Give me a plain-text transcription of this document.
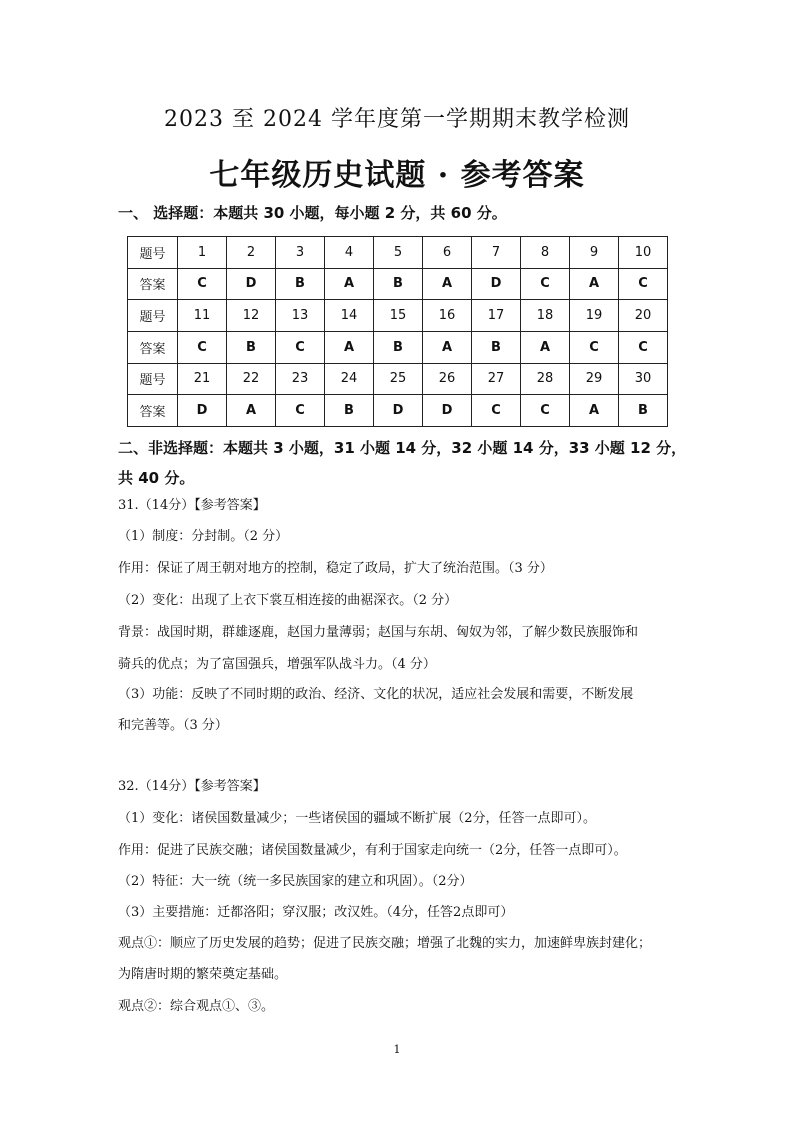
2023 至 2024 学年度第一学期期末教学检测
七年级历史试题 · 参考答案
一、 选择题：本题共 30 小题，每小题 2 分，共 60 分。
题号	1	2	3	4	5	6	7	8	9	10
答案	C	D	B	A	B	A	D	C	A	C
题号	11	12	13	14	15	16	17	18	19	20
答案	C	B	C	A	B	A	B	A	C	C
题号	21	22	23	24	25	26	27	28	29	30
答案	D	A	C	B	D	D	C	C	A	B
二、非选择题：本题共 3 小题，31 小题 14 分，32 小题 14 分，33 小题 12 分，
共 40 分。
31.（14分）【参考答案】
（1）制度：分封制。（2 分）
作用：保证了周王朝对地方的控制，稳定了政局，扩大了统治范围。（3 分）
（2）变化：出现了上衣下裳互相连接的曲裾深衣。（2 分）
背景：战国时期，群雄逐鹿，赵国力量薄弱；赵国与东胡、匈奴为邻，了解少数民族服饰和
骑兵的优点；为了富国强兵，增强军队战斗力。（4 分）
（3）功能：反映了不同时期的政治、经济、文化的状况，适应社会发展和需要，不断发展
和完善等。（3 分）
32.（14分）【参考答案】
（1）变化：诸侯国数量减少；一些诸侯国的疆域不断扩展（2分，任答一点即可）。
作用：促进了民族交融；诸侯国数量减少，有利于国家走向统一（2分，任答一点即可）。
（2）特征：大一统（统一多民族国家的建立和巩固）。（2分）
（3）主要措施：迁都洛阳；穿汉服；改汉姓。（4分，任答2点即可）
观点①：顺应了历史发展的趋势；促进了民族交融；增强了北魏的实力，加速鲜卑族封建化；
为隋唐时期的繁荣奠定基础。
观点②：综合观点①、③。
1
